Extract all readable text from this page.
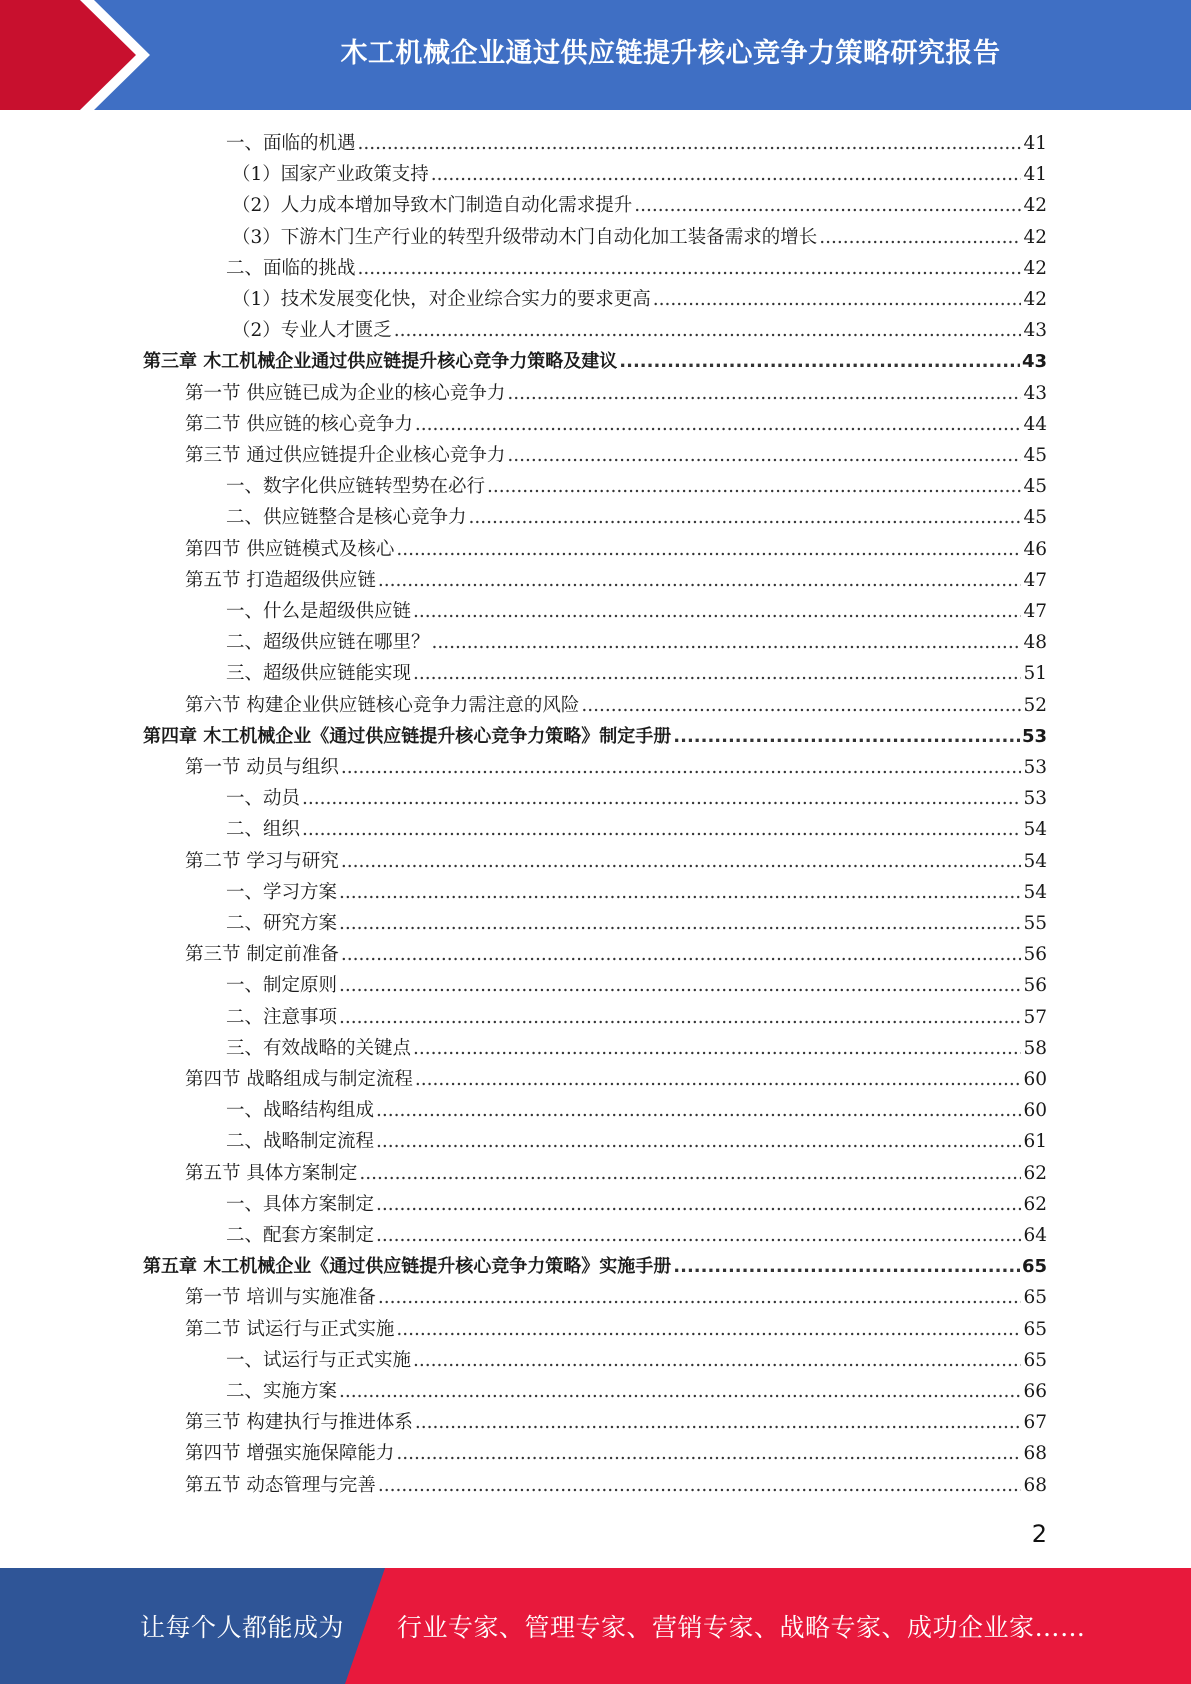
木工机械企业通过供应链提升核心竞争力策略研究报告
一、面临的机遇 .....	41
（1）国家产业政策支持 .....	41
（2）人力成本增加导致木门制造自动化需求提升 .....	42
（3）下游木门生产行业的转型升级带动木门自动化加工装备需求的增长 .....	42
二、面临的挑战 .....	42
（1）技术发展变化快，对企业综合实力的要求更高 .....	42
（2）专业人才匮乏 .....	43
第三章 木工机械企业通过供应链提升核心竞争力策略及建议 .....	43
第一节 供应链已成为企业的核心竞争力 .....	43
第二节 供应链的核心竞争力 .....	44
第三节 通过供应链提升企业核心竞争力 .....	45
一、数字化供应链转型势在必行 .....	45
二、供应链整合是核心竞争力 .....	45
第四节 供应链模式及核心 .....	46
第五节 打造超级供应链 .....	47
一、什么是超级供应链 .....	47
二、超级供应链在哪里？ .....	48
三、超级供应链能实现 .....	51
第六节 构建企业供应链核心竞争力需注意的风险 .....	52
第四章 木工机械企业《通过供应链提升核心竞争力策略》制定手册 .....	53
第一节 动员与组织 .....	53
一、动员 .....	53
二、组织 .....	54
第二节 学习与研究 .....	54
一、学习方案 .....	54
二、研究方案 .....	55
第三节 制定前准备 .....	56
一、制定原则 .....	56
二、注意事项 .....	57
三、有效战略的关键点 .....	58
第四节 战略组成与制定流程 .....	60
一、战略结构组成 .....	60
二、战略制定流程 .....	61
第五节 具体方案制定 .....	62
一、具体方案制定 .....	62
二、配套方案制定 .....	64
第五章 木工机械企业《通过供应链提升核心竞争力策略》实施手册 .....	65
第一节 培训与实施准备 .....	65
第二节 试运行与正式实施 .....	65
一、试运行与正式实施 .....	65
二、实施方案 .....	66
第三节 构建执行与推进体系 .....	67
第四节 增强实施保障能力 .....	68
第五节 动态管理与完善 .....	68
2
让每个人都能成为 行业专家、管理专家、营销专家、战略专家、成功企业家……
